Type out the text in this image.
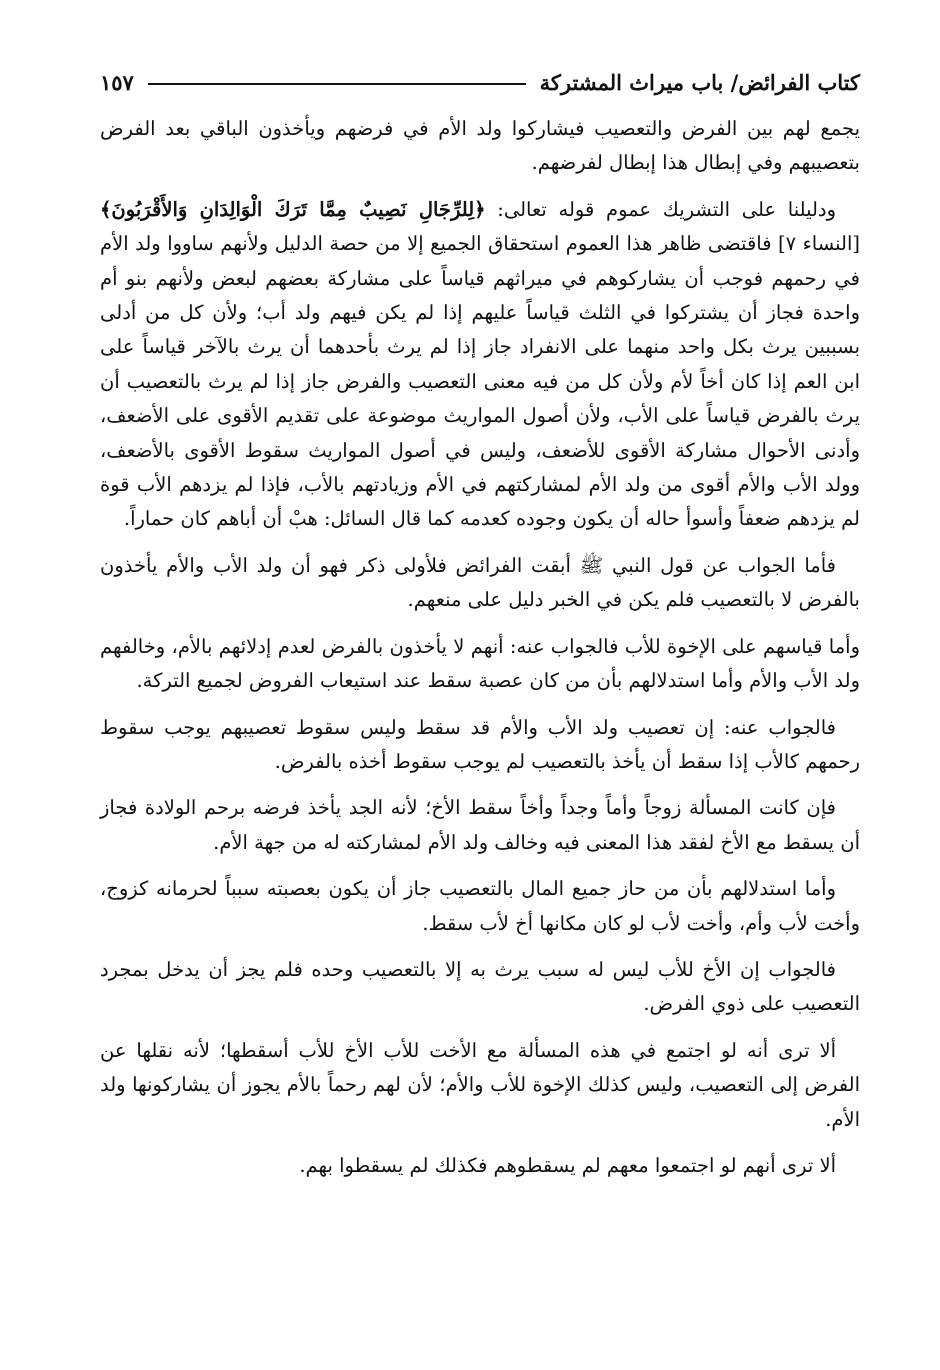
كتاب الفرائض/ باب ميراث المشتركة
١٥٧

يجمع لهم بين الفرض والتعصيب فيشاركوا ولد الأم في فرضهم ويأخذون الباقي بعد الفرض بتعصيبهم وفي إبطال هذا إبطال لفرضهم.

ودليلنا على التشريك عموم قوله تعالى: ﴿لِلرِّجَالِ نَصِيبٌ مِمَّا تَرَكَ الْوَالِدَانِ وَالأَقْرَبُونَ﴾ [النساء ٧] فاقتضى ظاهر هذا العموم استحقاق الجميع إلا من حصة الدليل ولأنهم ساووا ولد الأم في رحمهم فوجب أن يشاركوهم في ميراثهم قياساً على مشاركة بعضهم لبعض ولأنهم بنو أم واحدة فجاز أن يشتركوا في الثلث قياساً عليهم إذا لم يكن فيهم ولد أب؛ ولأن كل من أدلى بسببين يرث بكل واحد منهما على الانفراد جاز إذا لم يرث بأحدهما أن يرث بالآخر قياساً على ابن العم إذا كان أخاً لأم ولأن كل من فيه معنى التعصيب والفرض جاز إذا لم يرث بالتعصيب أن يرث بالفرض قياساً على الأب، ولأن أصول المواريث موضوعة على تقديم الأقوى على الأضعف، وأدنى الأحوال مشاركة الأقوى للأضعف، وليس في أصول المواريث سقوط الأقوى بالأضعف، وولد الأب والأم أقوى من ولد الأم لمشاركتهم في الأم وزيادتهم بالأب، فإذا لم يزدهم الأب قوة لم يزدهم ضعفاً وأسوأ حاله أن يكون وجوده كعدمه كما قال السائل: هبْ أن أباهم كان حماراً.

فأما الجواب عن قول النبي ﷺ أبقت الفرائض فلأولى ذكر فهو أن ولد الأب والأم يأخذون بالفرض لا بالتعصيب فلم يكن في الخبر دليل على منعهم.

وأما قياسهم على الإخوة للأب فالجواب عنه: أنهم لا يأخذون بالفرض لعدم إدلائهم بالأم، وخالفهم ولد الأب والأم وأما استدلالهم بأن من كان عصبة سقط عند استيعاب الفروض لجميع التركة.

فالجواب عنه: إن تعصيب ولد الأب والأم قد سقط وليس سقوط تعصيبهم يوجب سقوط رحمهم كالأب إذا سقط أن يأخذ بالتعصيب لم يوجب سقوط أخذه بالفرض.

فإن كانت المسألة زوجاً وأماً وجداً وأخاً سقط الأخ؛ لأنه الجد يأخذ فرضه برحم الولادة فجاز أن يسقط مع الأخ لفقد هذا المعنى فيه وخالف ولد الأم لمشاركته له من جهة الأم.

وأما استدلالهم بأن من حاز جميع المال بالتعصيب جاز أن يكون بعصبته سبباً لحرمانه كزوج، وأخت لأب وأم، وأخت لأب لو كان مكانها أخ لأب سقط.

فالجواب إن الأخ للأب ليس له سبب يرث به إلا بالتعصيب وحده فلم يجز أن يدخل بمجرد التعصيب على ذوي الفرض.

ألا ترى أنه لو اجتمع في هذه المسألة مع الأخت للأب الأخ للأب أسقطها؛ لأنه نقلها عن الفرض إلى التعصيب، وليس كذلك الإخوة للأب والأم؛ لأن لهم رحماً بالأم يجوز أن يشاركونها ولد الأم.

ألا ترى أنهم لو اجتمعوا معهم لم يسقطوهم فكذلك لم يسقطوا بهم.
